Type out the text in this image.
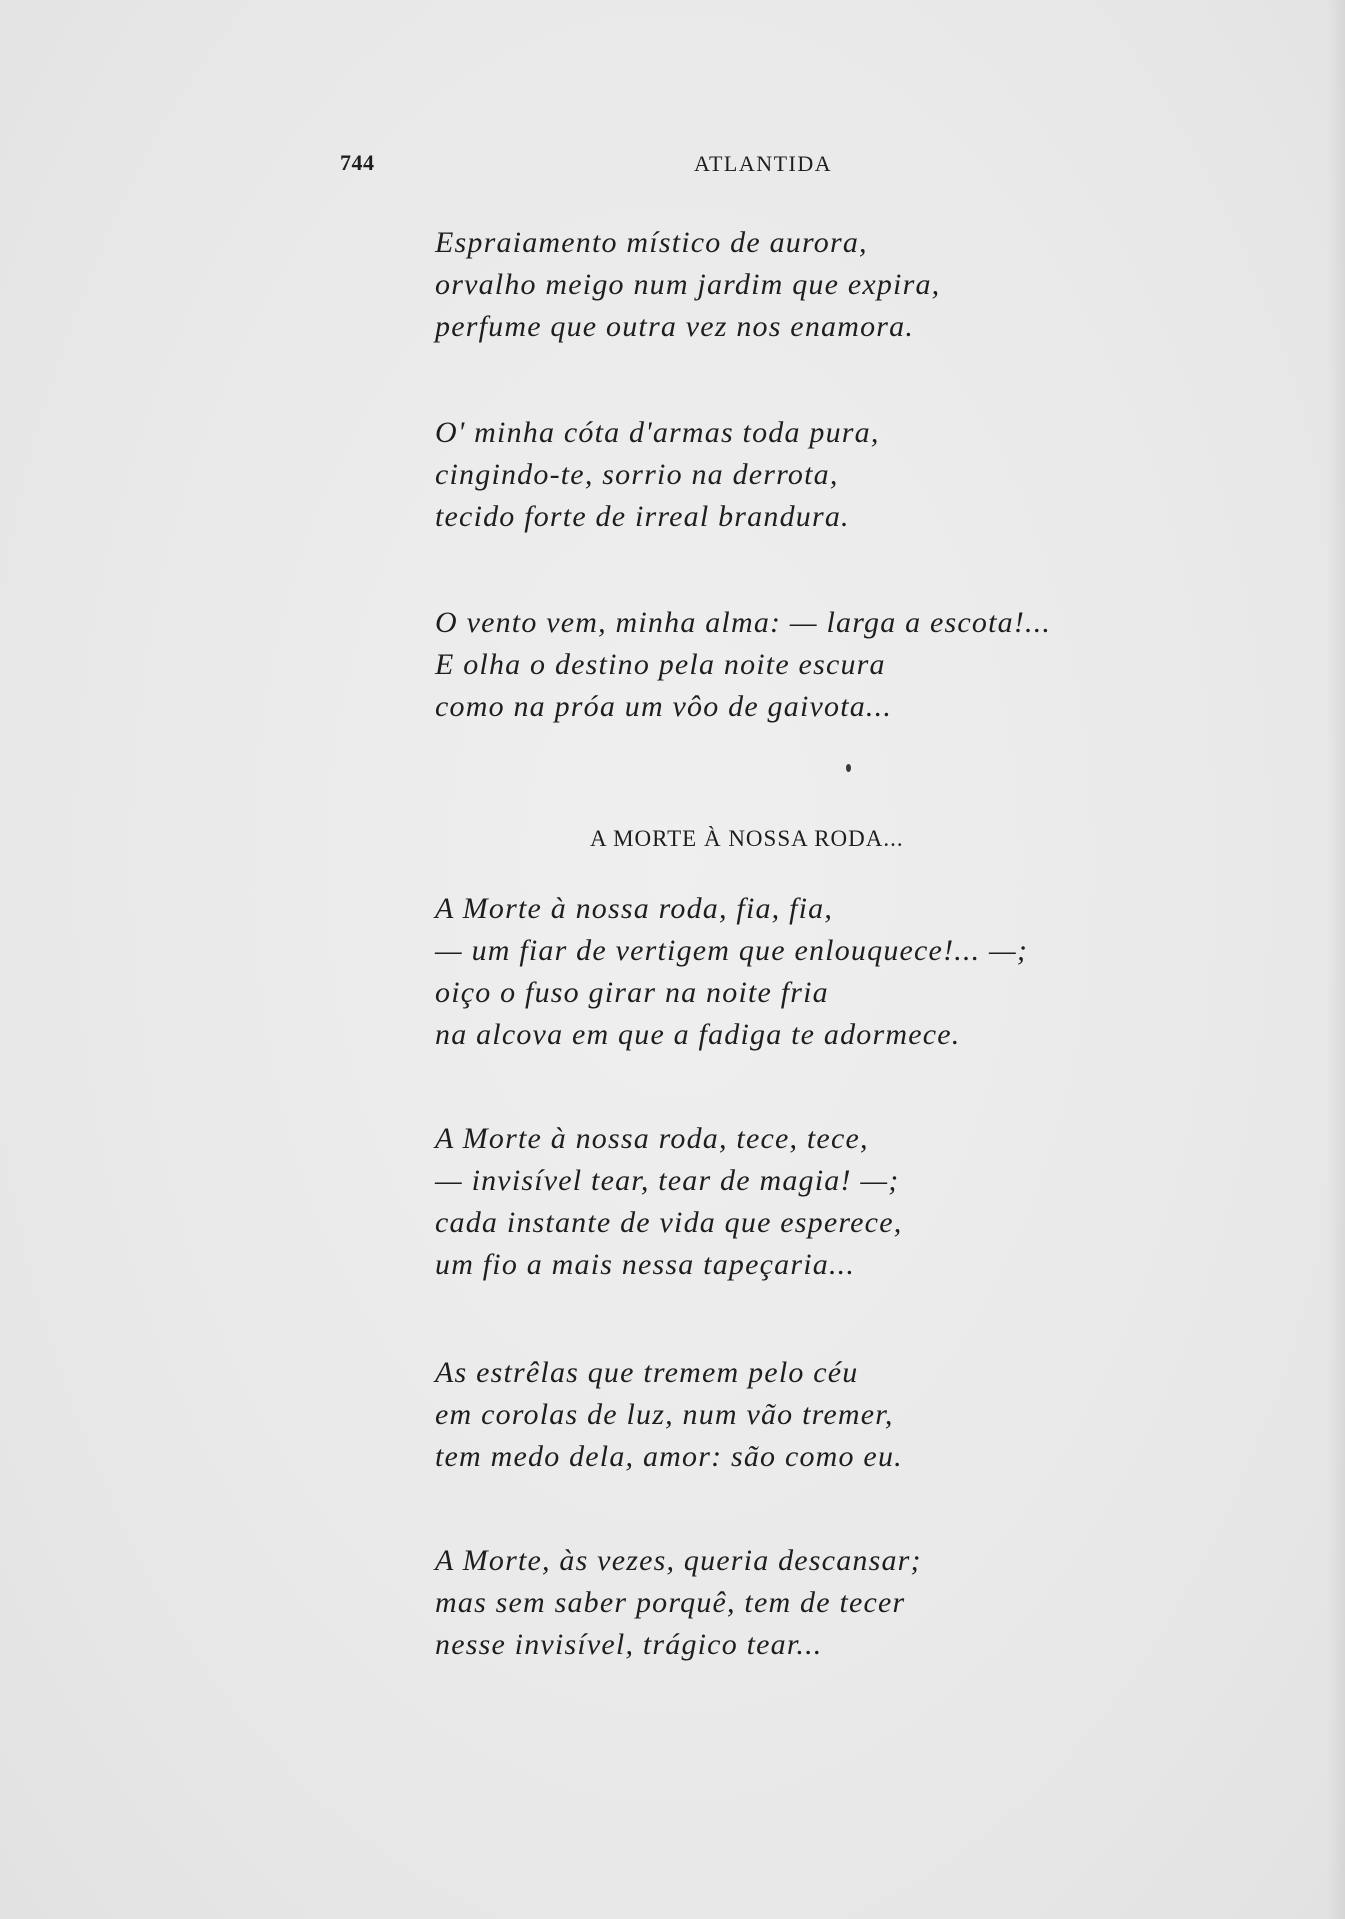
744	ATLANTIDA
Espraiamento místico de aurora,
orvalho meigo num jardim que expira,
perfume que outra vez nos enamora.
O' minha cóta d'armas toda pura,
cingindo-te, sorrio na derrota,
tecido forte de irreal brandura.
O vento vem, minha alma: — larga a escota!...
E olha o destino pela noite escura
como na próa um vôo de gaivota...
A MORTE À NOSSA RODA...
A Morte à nossa roda, fia, fia,
— um fiar de vertigem que enlouquece!... —;
oiço o fuso girar na noite fria
na alcova em que a fadiga te adormece.
A Morte à nossa roda, tece, tece,
— invisível tear, tear de magia! —;
cada instante de vida que esperece,
um fio a mais nessa tapeçaria...
As estrêlas que tremem pelo céu
em corolas de luz, num vão tremer,
tem medo dela, amor: são como eu.
A Morte, às vezes, queria descansar;
mas sem saber porquê, tem de tecer
nesse invisível, trágico tear...
